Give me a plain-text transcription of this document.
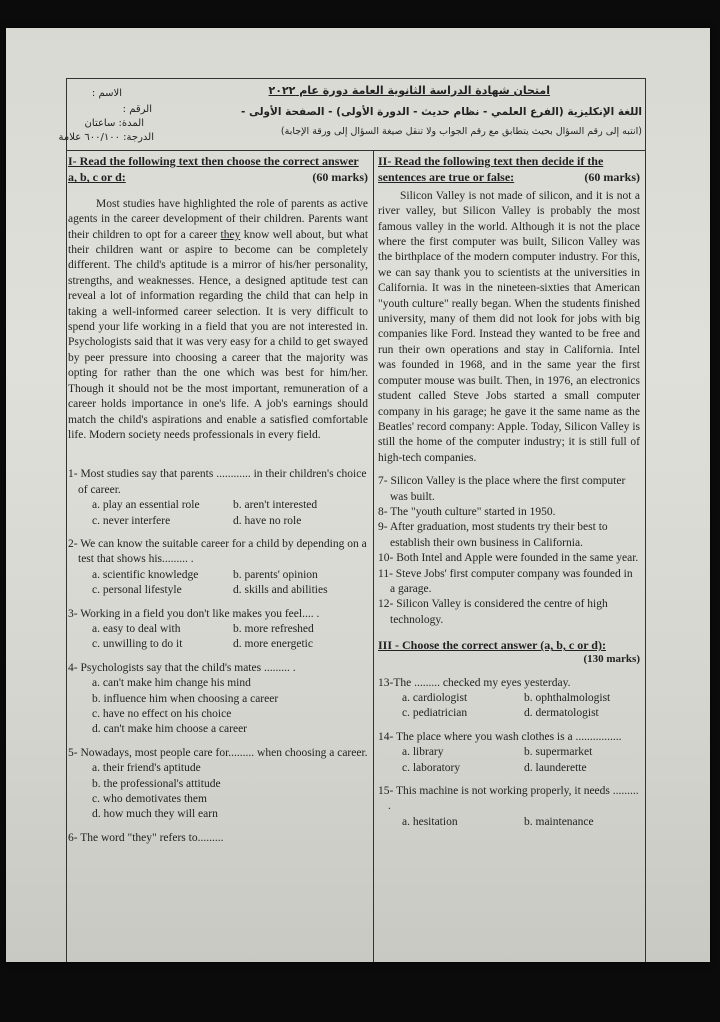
الاسم :
الرقم :
المدة: ساعتان
الدرجة: ٦٠٠/١٠٠ علامة
امتحان شهادة الدراسة الثانوية العامة دورة عام ٢٠٢٢
اللغة الإنكليزية (الفرع العلمي - نظام حديث - الدورة الأولى) - الصفحة الأولى -
(انتبه إلى رقم السؤال بحيث يتطابق مع رقم الجواب ولا تنقل صيغة السؤال إلى ورقة الإجابة)
I- Read the following text then choose the correct answer a, b, c or d:	(60 marks)

Most studies have highlighted the role of parents as active agents in the career development of their children. Parents want their children to opt for a career they know well about, but what their children want or aspire to become can be completely different. The child's aptitude is a mirror of his/her personality, strengths, and weaknesses. Hence, a designed aptitude test can reveal a lot of information regarding the child that can help in taking a well-informed career selection. It is very difficult to spend your life working in a field that you are not interested in. Psychologists said that it was very easy for a child to get swayed by peer pressure into choosing a career that the majority was opting for rather than the one which was best for him/her. Though it should not be the most important, remuneration of a career holds importance in one's life. A job's earnings should match the child's aspirations and enable a satisfied comfortable life. Modern society needs professionals in every field.

1- Most studies say that parents ............ in their children's choice of career.
a. play an essential role	b. aren't interested
c. never interfere	d. have no role
2- We can know the suitable career for a child by depending on a test that shows his......... .
a. scientific knowledge	b. parents' opinion
c. personal lifestyle	d. skills and abilities
3- Working in a field you don't like makes you feel.... .
a. easy to deal with	b. more refreshed
c. unwilling to do it	d. more energetic
4- Psychologists say that the child's mates ......... .
a. can't make him change his mind
b. influence him when choosing a career
c. have no effect on his choice
d. can't make him choose a career
5- Nowadays, most people care for......... when choosing a career.
a. their friend's aptitude
b. the professional's attitude
c. who demotivates them
d. how much they will earn
6- The word "they" refers to.........
II- Read the following text then decide if the sentences are true or false:	(60 marks)

Silicon Valley is not made of silicon, and it is not a river valley, but Silicon Valley is probably the most famous valley in the world. Although it is not the place where the first computer was built, Silicon Valley was the birthplace of the modern computer industry. For this, we can say thank you to scientists at the universities in California. It was in the nineteen-sixties that American "youth culture" really began. When the students finished university, many of them did not look for jobs with big companies like Ford. Instead they wanted to be free and run their own operations and stay in California. Intel was founded in 1968, and in the same year the first computer mouse was built. Then, in 1976, an electronics student called Steve Jobs started a small computer company in his garage; he gave it the same name as the Beatles' record company: Apple. Today, Silicon Valley is still the home of the computer industry; it is still full of high-tech companies.

7- Silicon Valley is the place where the first computer was built.
8- The "youth culture" started in 1950.
9- After graduation, most students try their best to establish their own business in California.
10- Both Intel and Apple were founded in the same year.
11- Steve Jobs' first computer company was founded in a garage.
12- Silicon Valley is considered the centre of high technology.
III - Choose the correct answer (a, b, c or d):
(130 marks)
13-The ......... checked my eyes yesterday.
a. cardiologist	b. ophthalmologist
c. pediatrician	d. dermatologist
14- The place where you wash clothes is a ................
a. library	b. supermarket
c. laboratory	d. launderette
15- This machine is not working properly, it needs ......... .
a. hesitation	b. maintenance
